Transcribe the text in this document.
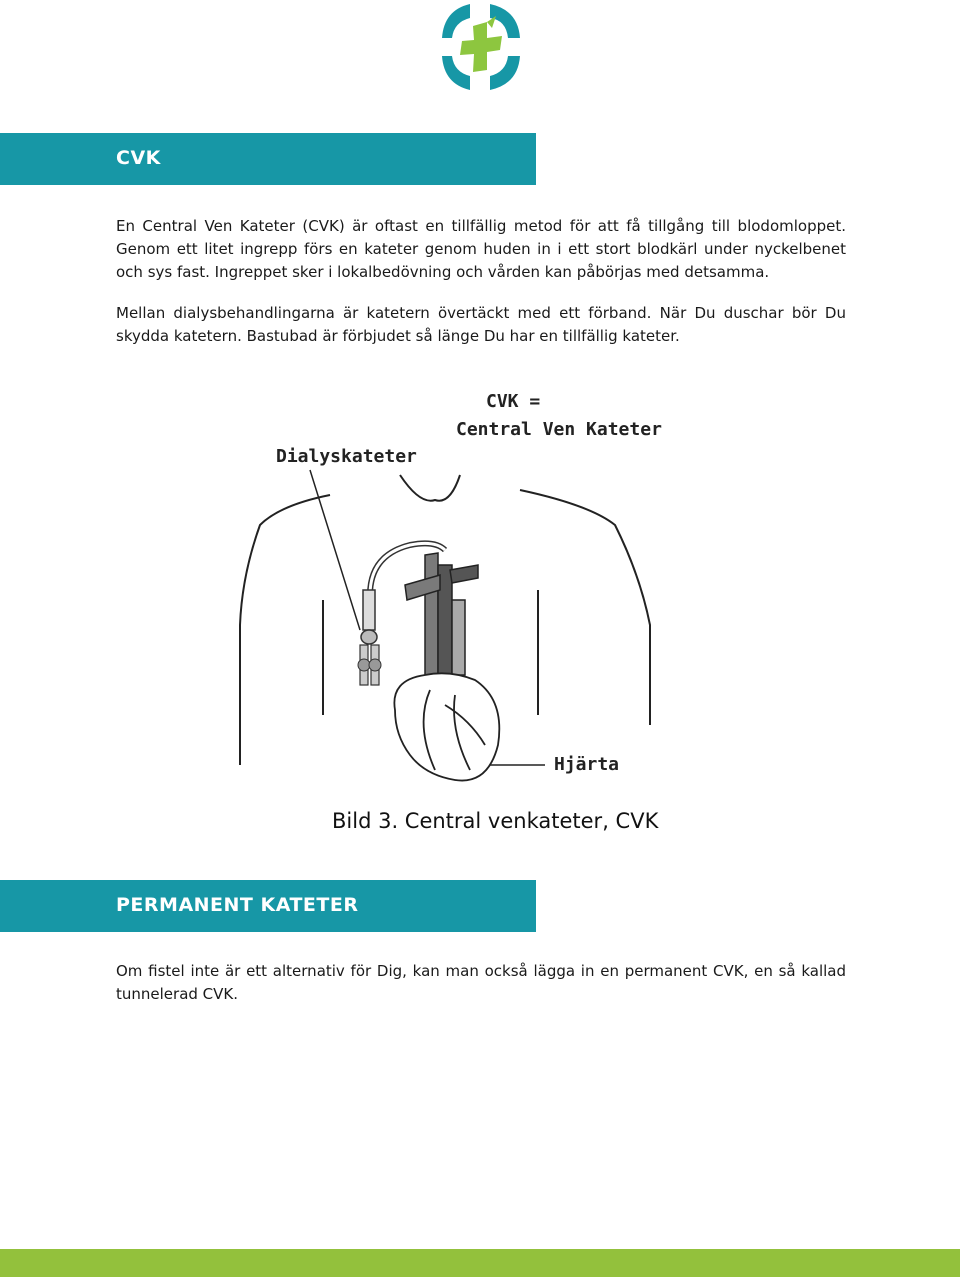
CVK

En Central Ven Kateter (CVK) är oftast en tillfällig metod för att få tillgång till blodomloppet. Genom ett litet ingrepp förs en kateter genom huden in i ett stort blodkärl under nyckelbenet och sys fast. Ingreppet sker i lokalbedövning och vården kan påbörjas med detsamma.

Mellan dialysbehandlingarna är katetern övertäckt med ett förband. När Du duschar bör Du skydda katetern. Bastubad är förbjudet så länge Du har en tillfällig kateter.

CVK =
Central Ven Kateter
Dialyskateter
Hjärta

Bild 3. Central venkateter, CVK

PERMANENT KATETER

Om fistel inte är ett alternativ för Dig, kan man också lägga in en permanent CVK, en så kallad tunnelerad CVK.
